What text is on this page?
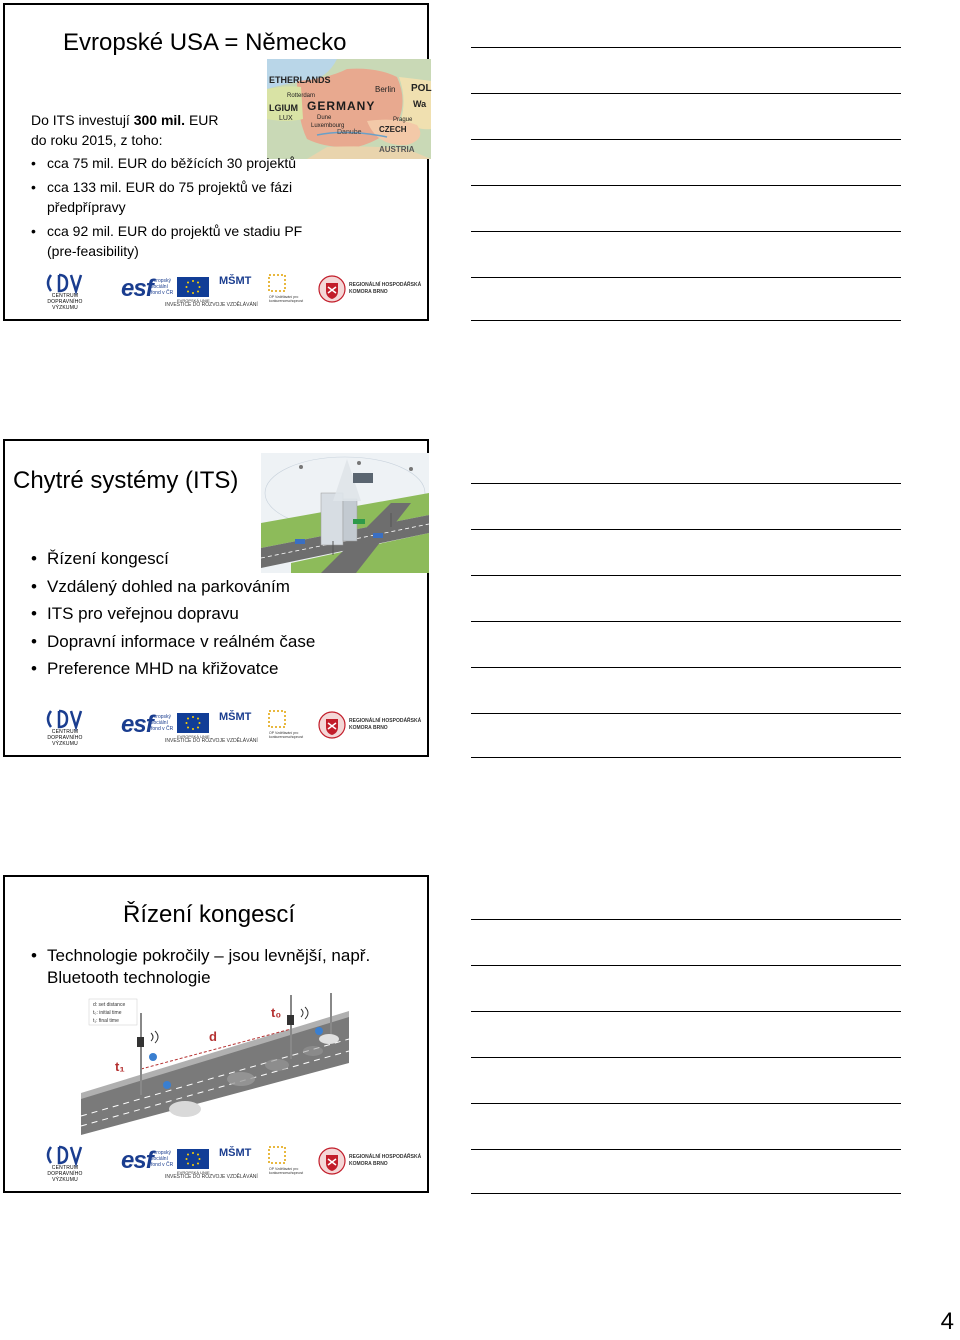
Evropské USA = Německo
ETHERLANDS
Berlin
GERMANY
POL
LGIUM
Rotterdam
Dune
LUX
Luxembourg
Danube CZECH
Prague
AUSTRIA
Wa
Do ITS investují 300 mil. EUR
do roku 2015, z toho:
• cca 75 mil. EUR do běžících 30 projektů
• cca 133 mil. EUR do 75 projektů ve fázi předpřípravy
• cca 92 mil. EUR do projektů ve stadiu PF (pre-feasibility)
CENTRUM DOPRAVNÍHO VÝZKUMU
esf
evropský sociální fond v ČR
EVROPSKÁ UNIE
MŠMT
INVESTICE DO ROZVOJE VZDĚLÁVÁNÍ
OP Vzdělávání pro konkurenceschopnost
REGIONÁLNÍ HOSPODÁŘSKÁ
KOMORA BRNO
Chytré systémy (ITS)
• Řízení kongescí
• Vzdálený dohled na parkováním
• ITS pro veřejnou dopravu
• Dopravní informace v reálném čase
• Preference MHD na křižovatce
CENTRUM DOPRAVNÍHO VÝZKUMU
esf
evropský sociální fond v ČR
EVROPSKÁ UNIE
MŠMT
INVESTICE DO ROZVOJE VZDĚLÁVÁNÍ
OP Vzdělávání pro konkurenceschopnost
REGIONÁLNÍ HOSPODÁŘSKÁ
KOMORA BRNO
Řízení kongescí
• Technologie pokročily – jsou levnější, např. Bluetooth technologie
d: set distance
t₀: initial time
t₁: final time
t₁
d
t₀
CENTRUM DOPRAVNÍHO VÝZKUMU
esf
evropský sociální fond v ČR
EVROPSKÁ UNIE
MŠMT
INVESTICE DO ROZVOJE VZDĚLÁVÁNÍ
OP Vzdělávání pro konkurenceschopnost
REGIONÁLNÍ HOSPODÁŘSKÁ
KOMORA BRNO
4
